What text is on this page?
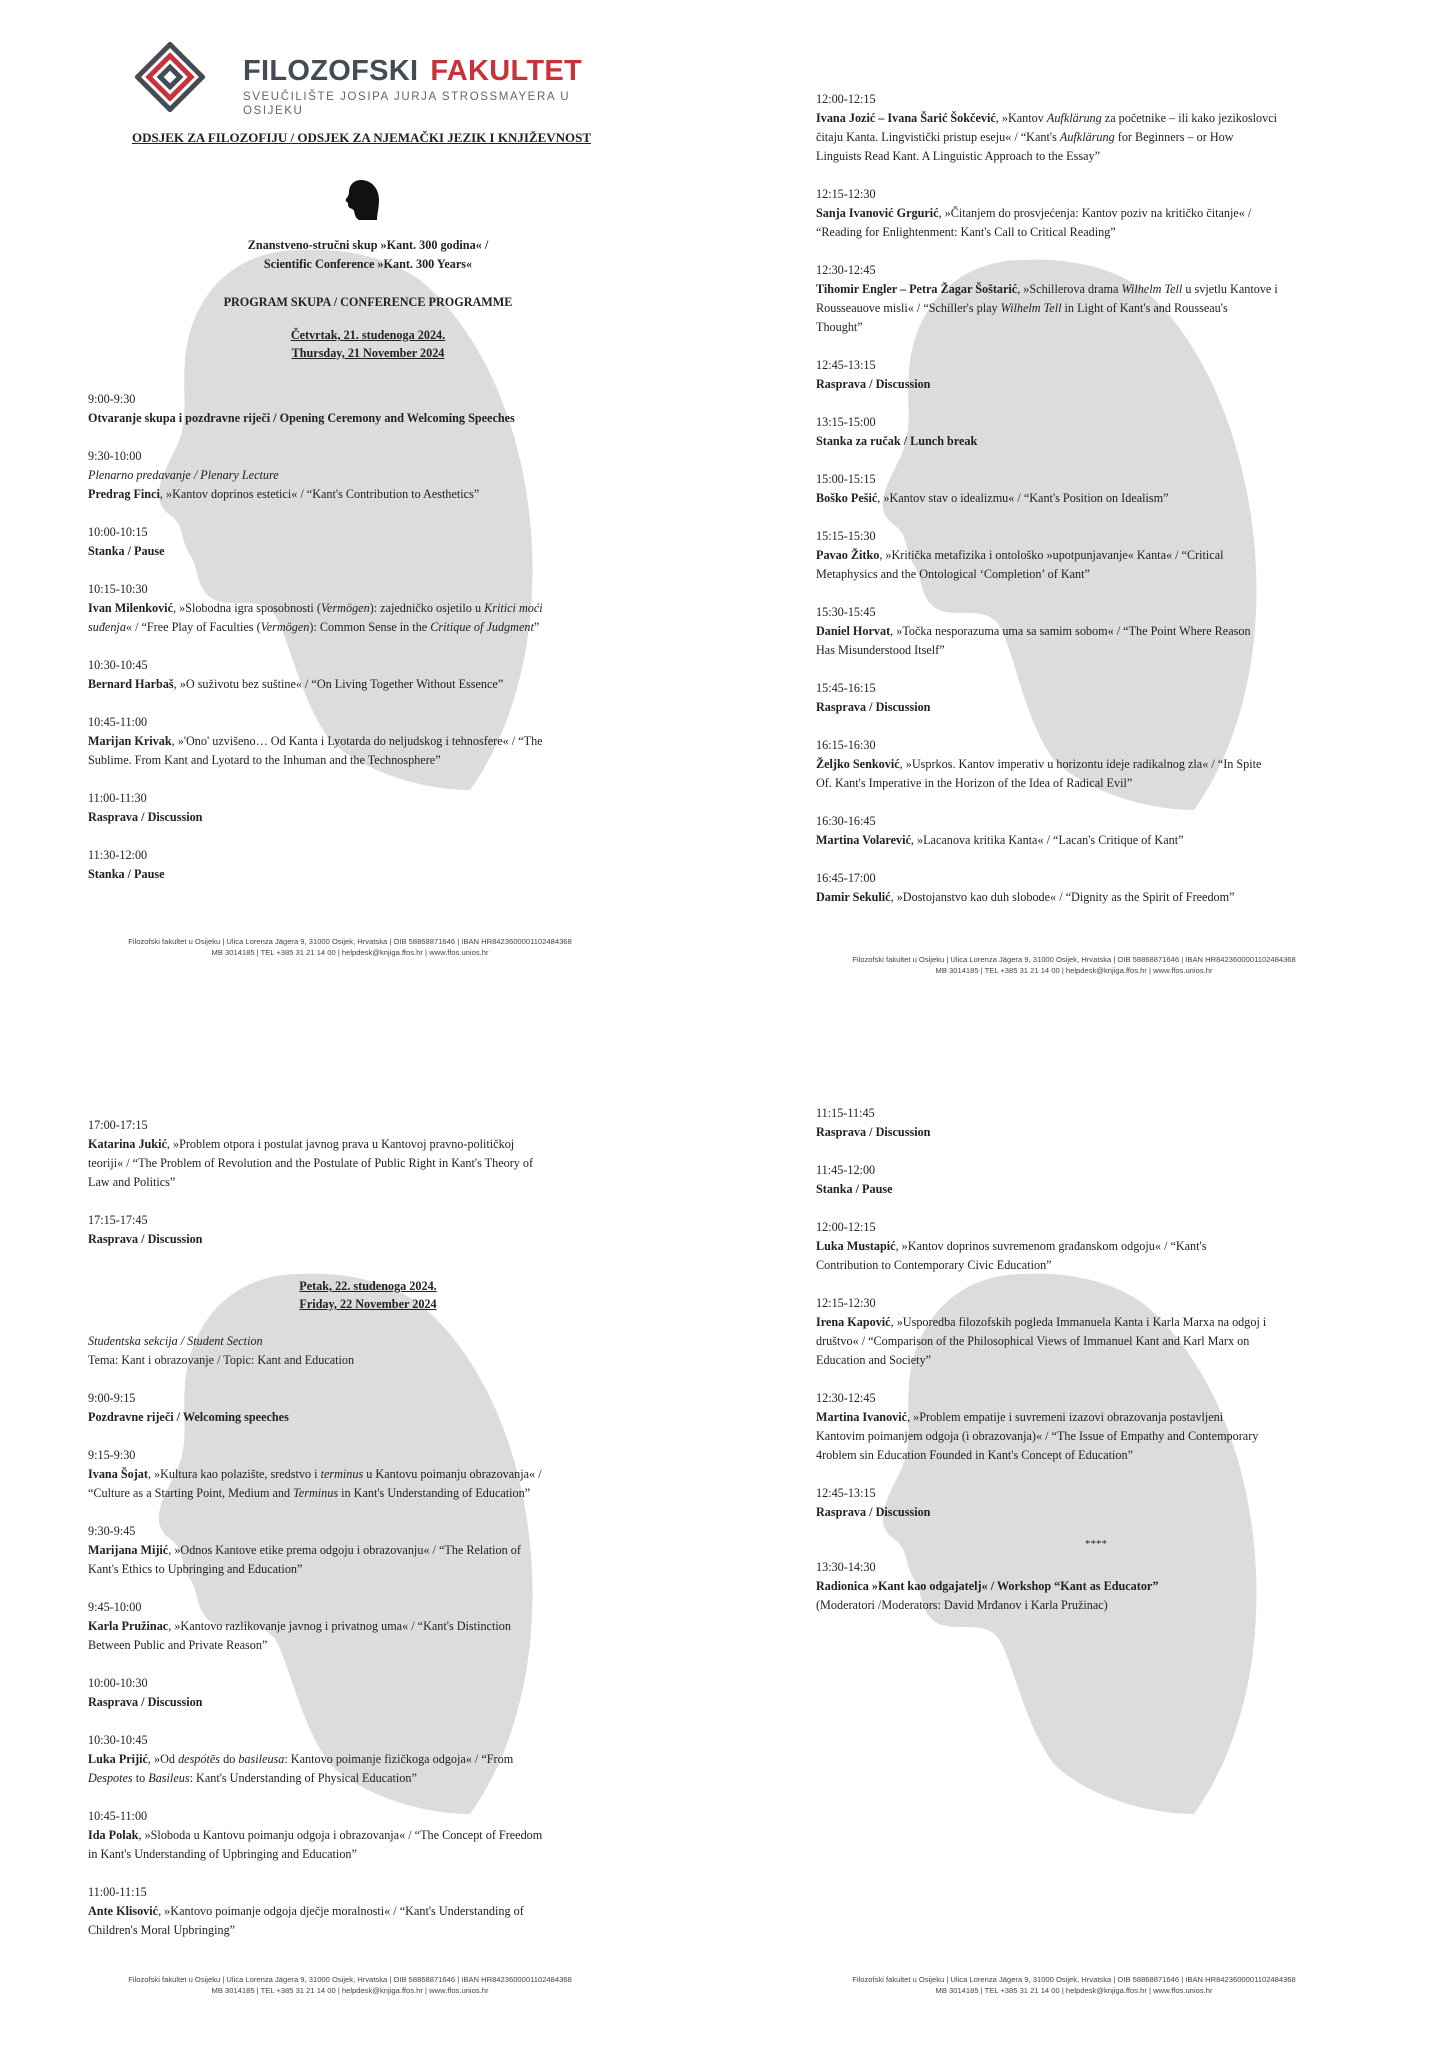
FILOZOFSKI FAKULTET
SVEUČILIŠTE JOSIPA JURJA STROSSMAYERA U OSIJEKU
ODSJEK ZA FILOZOFIJU / ODSJEK ZA NJEMAČKI JEZIK I KNJIŽEVNOST

Znanstveno-stručni skup »Kant. 300 godina« /

Scientific Conference »Kant. 300 Years«

PROGRAM SKUPA / CONFERENCE PROGRAMME

Četvrtak, 21. studenoga 2024.

Thursday, 21 November 2024

9:00-9:30
Otvaranje skupa i pozdravne riječi / Opening Ceremony and Welcoming Speeches
9:30-10:00
Plenarno predavanje / Plenary Lecture
Predrag Finci, »Kantov doprinos estetici« / “Kant's Contribution to Aesthetics”
10:00-10:15
Stanka / Pause
10:15-10:30
Ivan Milenković, »Slobodna igra sposobnosti (Vermögen): zajedničko osjetilo u Kritici moći
suđenja« / “Free Play of Faculties (Vermögen): Common Sense in the Critique of Judgment”
10:30-10:45
Bernard Harbaš, »O suživotu bez suštine« / “On Living Together Without Essence”
10:45-11:00
Marijan Krivak, »'Ono' uzvišeno… Od Kanta i Lyotarda do neljudskog i tehnosfere« / “The
Sublime. From Kant and Lyotard to the Inhuman and the Technosphere”
11:00-11:30
Rasprava / Discussion
11:30-12:00
Stanka / Pause
Filozofski fakultet u Osijeku | Ulica Lorenza Jägera 9, 31000 Osijek, Hrvatska | OIB 58868871646 | IBAN HR8423600001102484368
MB 3014185 | TEL +385 31 21 14 00 | helpdesk@knjiga.ffos.hr | www.ffos.unios.hr
12:00-12:15
Ivana Jozić – Ivana Šarić Šokčević, »Kantov Aufklärung za početnike – ili kako jezikoslovci
čitaju Kanta. Lingvistički pristup eseju« / “Kant's Aufklärung for Beginners – or How
Linguists Read Kant. A Linguistic Approach to the Essay”
12:15-12:30
Sanja Ivanović Grgurić, »Čitanjem do prosvjećenja: Kantov poziv na kritičko čitanje« /
“Reading for Enlightenment: Kant's Call to Critical Reading”
12:30-12:45
Tihomir Engler – Petra Žagar Šoštarić, »Schillerova drama Wilhelm Tell u svjetlu Kantove i
Rousseauove misli« / “Schiller's play Wilhelm Tell in Light of Kant's and Rousseau's
Thought”
12:45-13:15
Rasprava / Discussion
13:15-15:00
Stanka za ručak / Lunch break
15:00-15:15
Boško Pešić, »Kantov stav o idealizmu« / “Kant's Position on Idealism”
15:15-15:30
Pavao Žitko, »Kritička metafizika i ontološko »upotpunjavanje« Kanta« / “Critical
Metaphysics and the Ontological ‘Completion’ of Kant”
15:30-15:45
Daniel Horvat, »Točka nesporazuma uma sa samim sobom« / “The Point Where Reason
Has Misunderstood Itself”
15:45-16:15
Rasprava / Discussion
16:15-16:30
Željko Senković, »Usprkos. Kantov imperativ u horizontu ideje radikalnog zla« / “In Spite
Of. Kant's Imperative in the Horizon of the Idea of Radical Evil”
16:30-16:45
Martina Volarević, »Lacanova kritika Kanta« / “Lacan's Critique of Kant”
16:45-17:00
Damir Sekulić, »Dostojanstvo kao duh slobode« / “Dignity as the Spirit of Freedom”
Filozofski fakultet u Osijeku | Ulica Lorenza Jägera 9, 31000 Osijek, Hrvatska | OIB 58868871646 | IBAN HR8423600001102484368
MB 3014185 | TEL +385 31 21 14 00 | helpdesk@knjiga.ffos.hr | www.ffos.unios.hr
17:00-17:15
Katarina Jukić, »Problem otpora i postulat javnog prava u Kantovoj pravno-političkoj
teoriji« / “The Problem of Revolution and the Postulate of Public Right in Kant's Theory of
Law and Politics”
17:15-17:45
Rasprava / Discussion

Petak, 22. studenoga 2024.

Friday, 22 November 2024

Studentska sekcija / Student Section
Tema: Kant i obrazovanje / Topic: Kant and Education
9:00-9:15
Pozdravne riječi / Welcoming speeches
9:15-9:30
Ivana Šojat, »Kultura kao polazište, sredstvo i terminus u Kantovu poimanju obrazovanja« /
“Culture as a Starting Point, Medium and Terminus in Kant's Understanding of Education”
9:30-9:45
Marijana Mijić, »Odnos Kantove etike prema odgoju i obrazovanju« / “The Relation of
Kant's Ethics to Upbringing and Education”
9:45-10:00
Karla Pružinac, »Kantovo razlikovanje javnog i privatnog uma« / “Kant's Distinction
Between Public and Private Reason”
10:00-10:30
Rasprava / Discussion
10:30-10:45
Luka Prijić, »Od despótēs do basileusa: Kantovo poimanje fizičkoga odgoja« / “From
Despotes to Basileus: Kant's Understanding of Physical Education”
10:45-11:00
Ida Polak, »Sloboda u Kantovu poimanju odgoja i obrazovanja« / “The Concept of Freedom
in Kant's Understanding of Upbringing and Education”
11:00-11:15
Ante Klisović, »Kantovo poimanje odgoja dječje moralnosti« / “Kant's Understanding of
Children's Moral Upbringing”
Filozofski fakultet u Osijeku | Ulica Lorenza Jägera 9, 31000 Osijek, Hrvatska | OIB 58868871646 | IBAN HR8423600001102484368
MB 3014185 | TEL +385 31 21 14 00 | helpdesk@knjiga.ffos.hr | www.ffos.unios.hr
11:15-11:45
Rasprava / Discussion
11:45-12:00
Stanka / Pause
12:00-12:15
Luka Mustapić, »Kantov doprinos suvremenom građanskom odgoju« / “Kant's
Contribution to Contemporary Civic Education”
12:15-12:30
Irena Kapović, »Usporedba filozofskih pogleda Immanuela Kanta i Karla Marxa na odgoj i
društvo« / “Comparison of the Philosophical Views of Immanuel Kant and Karl Marx on
Education and Society”
12:30-12:45
Martina Ivanović, »Problem empatije i suvremeni izazovi obrazovanja postavljeni
Kantovim poimanjem odgoja (i obrazovanja)« / “The Issue of Empathy and Contemporary
4roblem sin Education Founded in Kant's Concept of Education”
12:45-13:15
Rasprava / Discussion

****

13:30-14:30
Radionica »Kant kao odgajatelj« / Workshop “Kant as Educator”
(Moderatori /Moderators: David Mrđanov i Karla Pružinac)
Filozofski fakultet u Osijeku | Ulica Lorenza Jägera 9, 31000 Osijek, Hrvatska | OIB 58868871646 | IBAN HR8423600001102484368
MB 3014185 | TEL +385 31 21 14 00 | helpdesk@knjiga.ffos.hr | www.ffos.unios.hr
